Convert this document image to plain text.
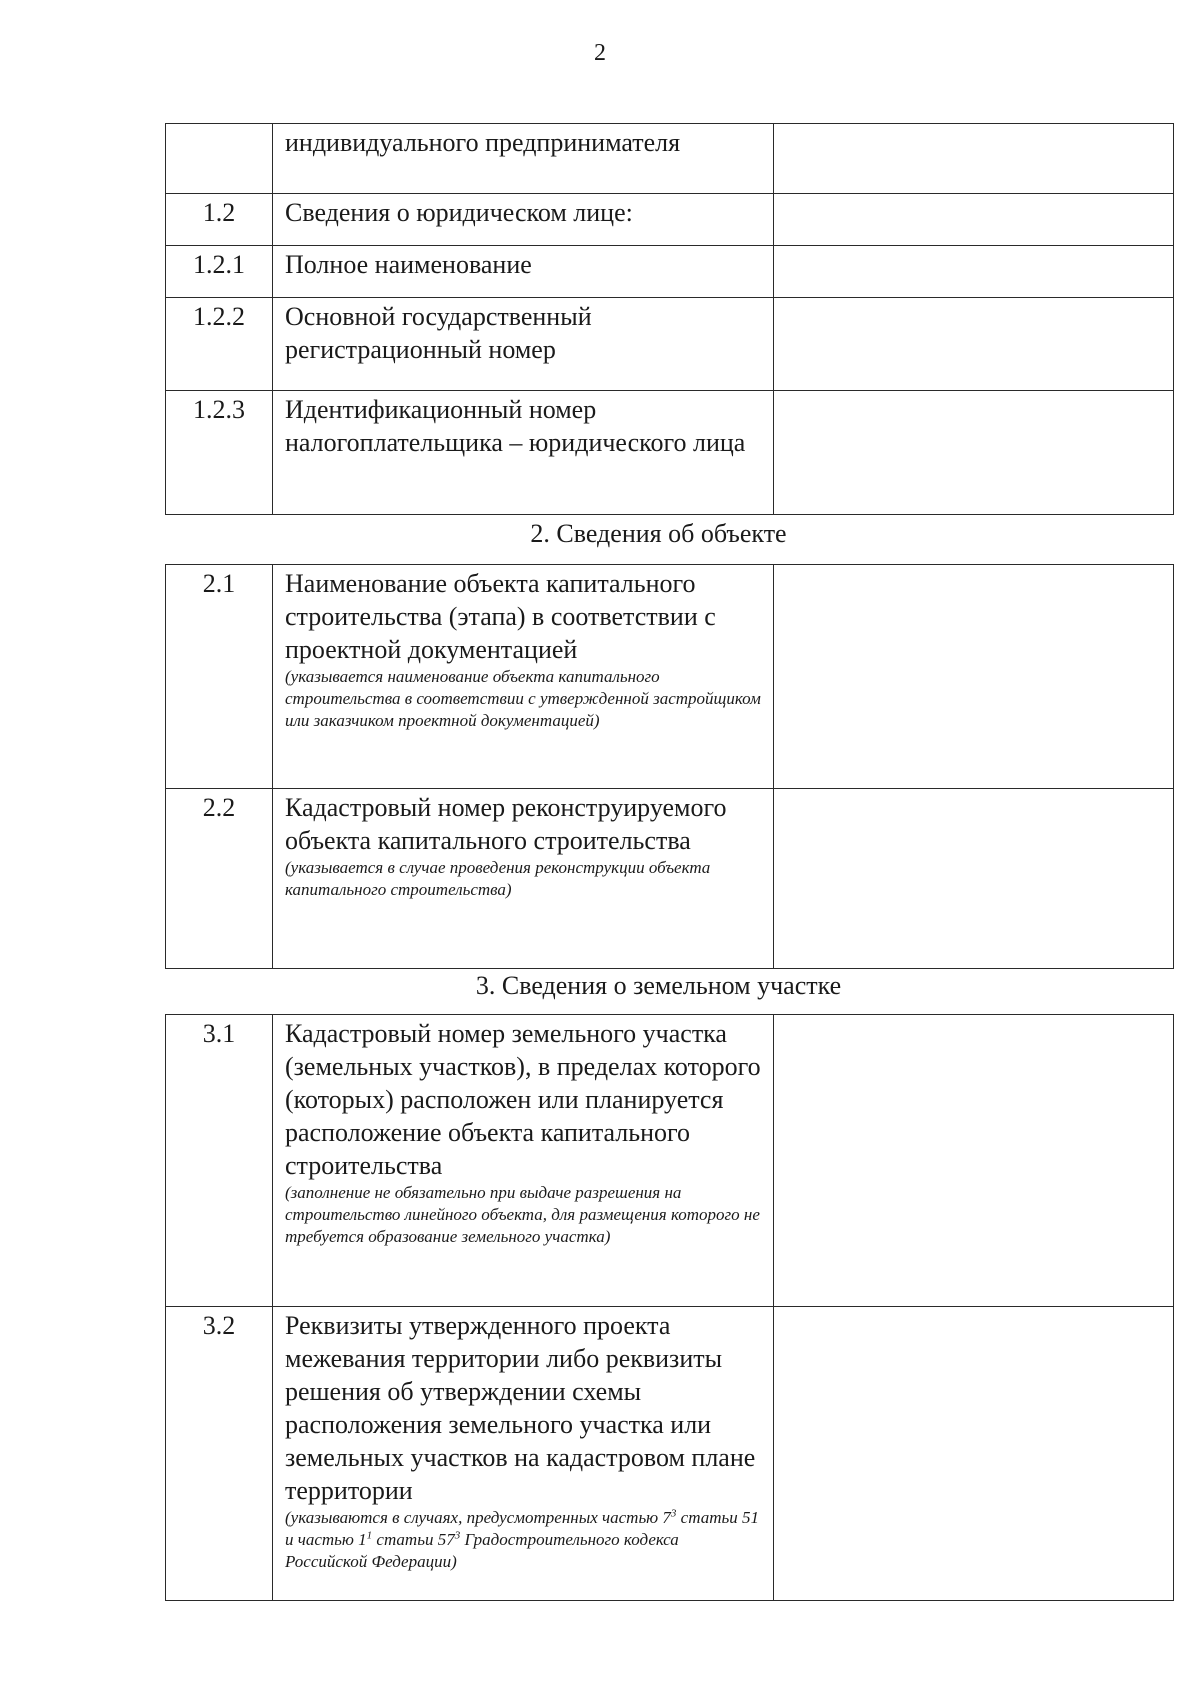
2
	индивидуального предпринимателя	
1.2	Сведения о юридическом лице:	
1.2.1	Полное наименование	
1.2.2	Основной государственный регистрационный номер	
1.2.3	Идентификационный номер налогоплательщика – юридического лица	
2. Сведения об объекте
2.1	Наименование объекта капитального строительства (этапа) в соответствии с проектной документацией
(указывается наименование объекта капитального строительства в соответствии с утвержденной застройщиком или заказчиком проектной документацией)	

2.2	Кадастровый номер реконструируемого объекта капитального строительства
(указывается в случае проведения реконструкции объекта капитального строительства)	

3. Сведения о земельном участке
3.1	Кадастровый номер земельного участка (земельных участков), в пределах которого (которых) расположен или планируется расположение объекта капитального строительства
(заполнение не обязательно при выдаче разрешения на строительство линейного объекта, для размещения которого не требуется образование земельного участка)	

3.2	Реквизиты утвержденного проекта межевания территории либо реквизиты решения об утверждении схемы расположения земельного участка или земельных участков на кадастровом плане территории
(указываются в случаях, предусмотренных частью $7^3$ статьи 51 и частью $1^1$ статьи $57^3$ Градостроительного кодекса Российской Федерации)	
